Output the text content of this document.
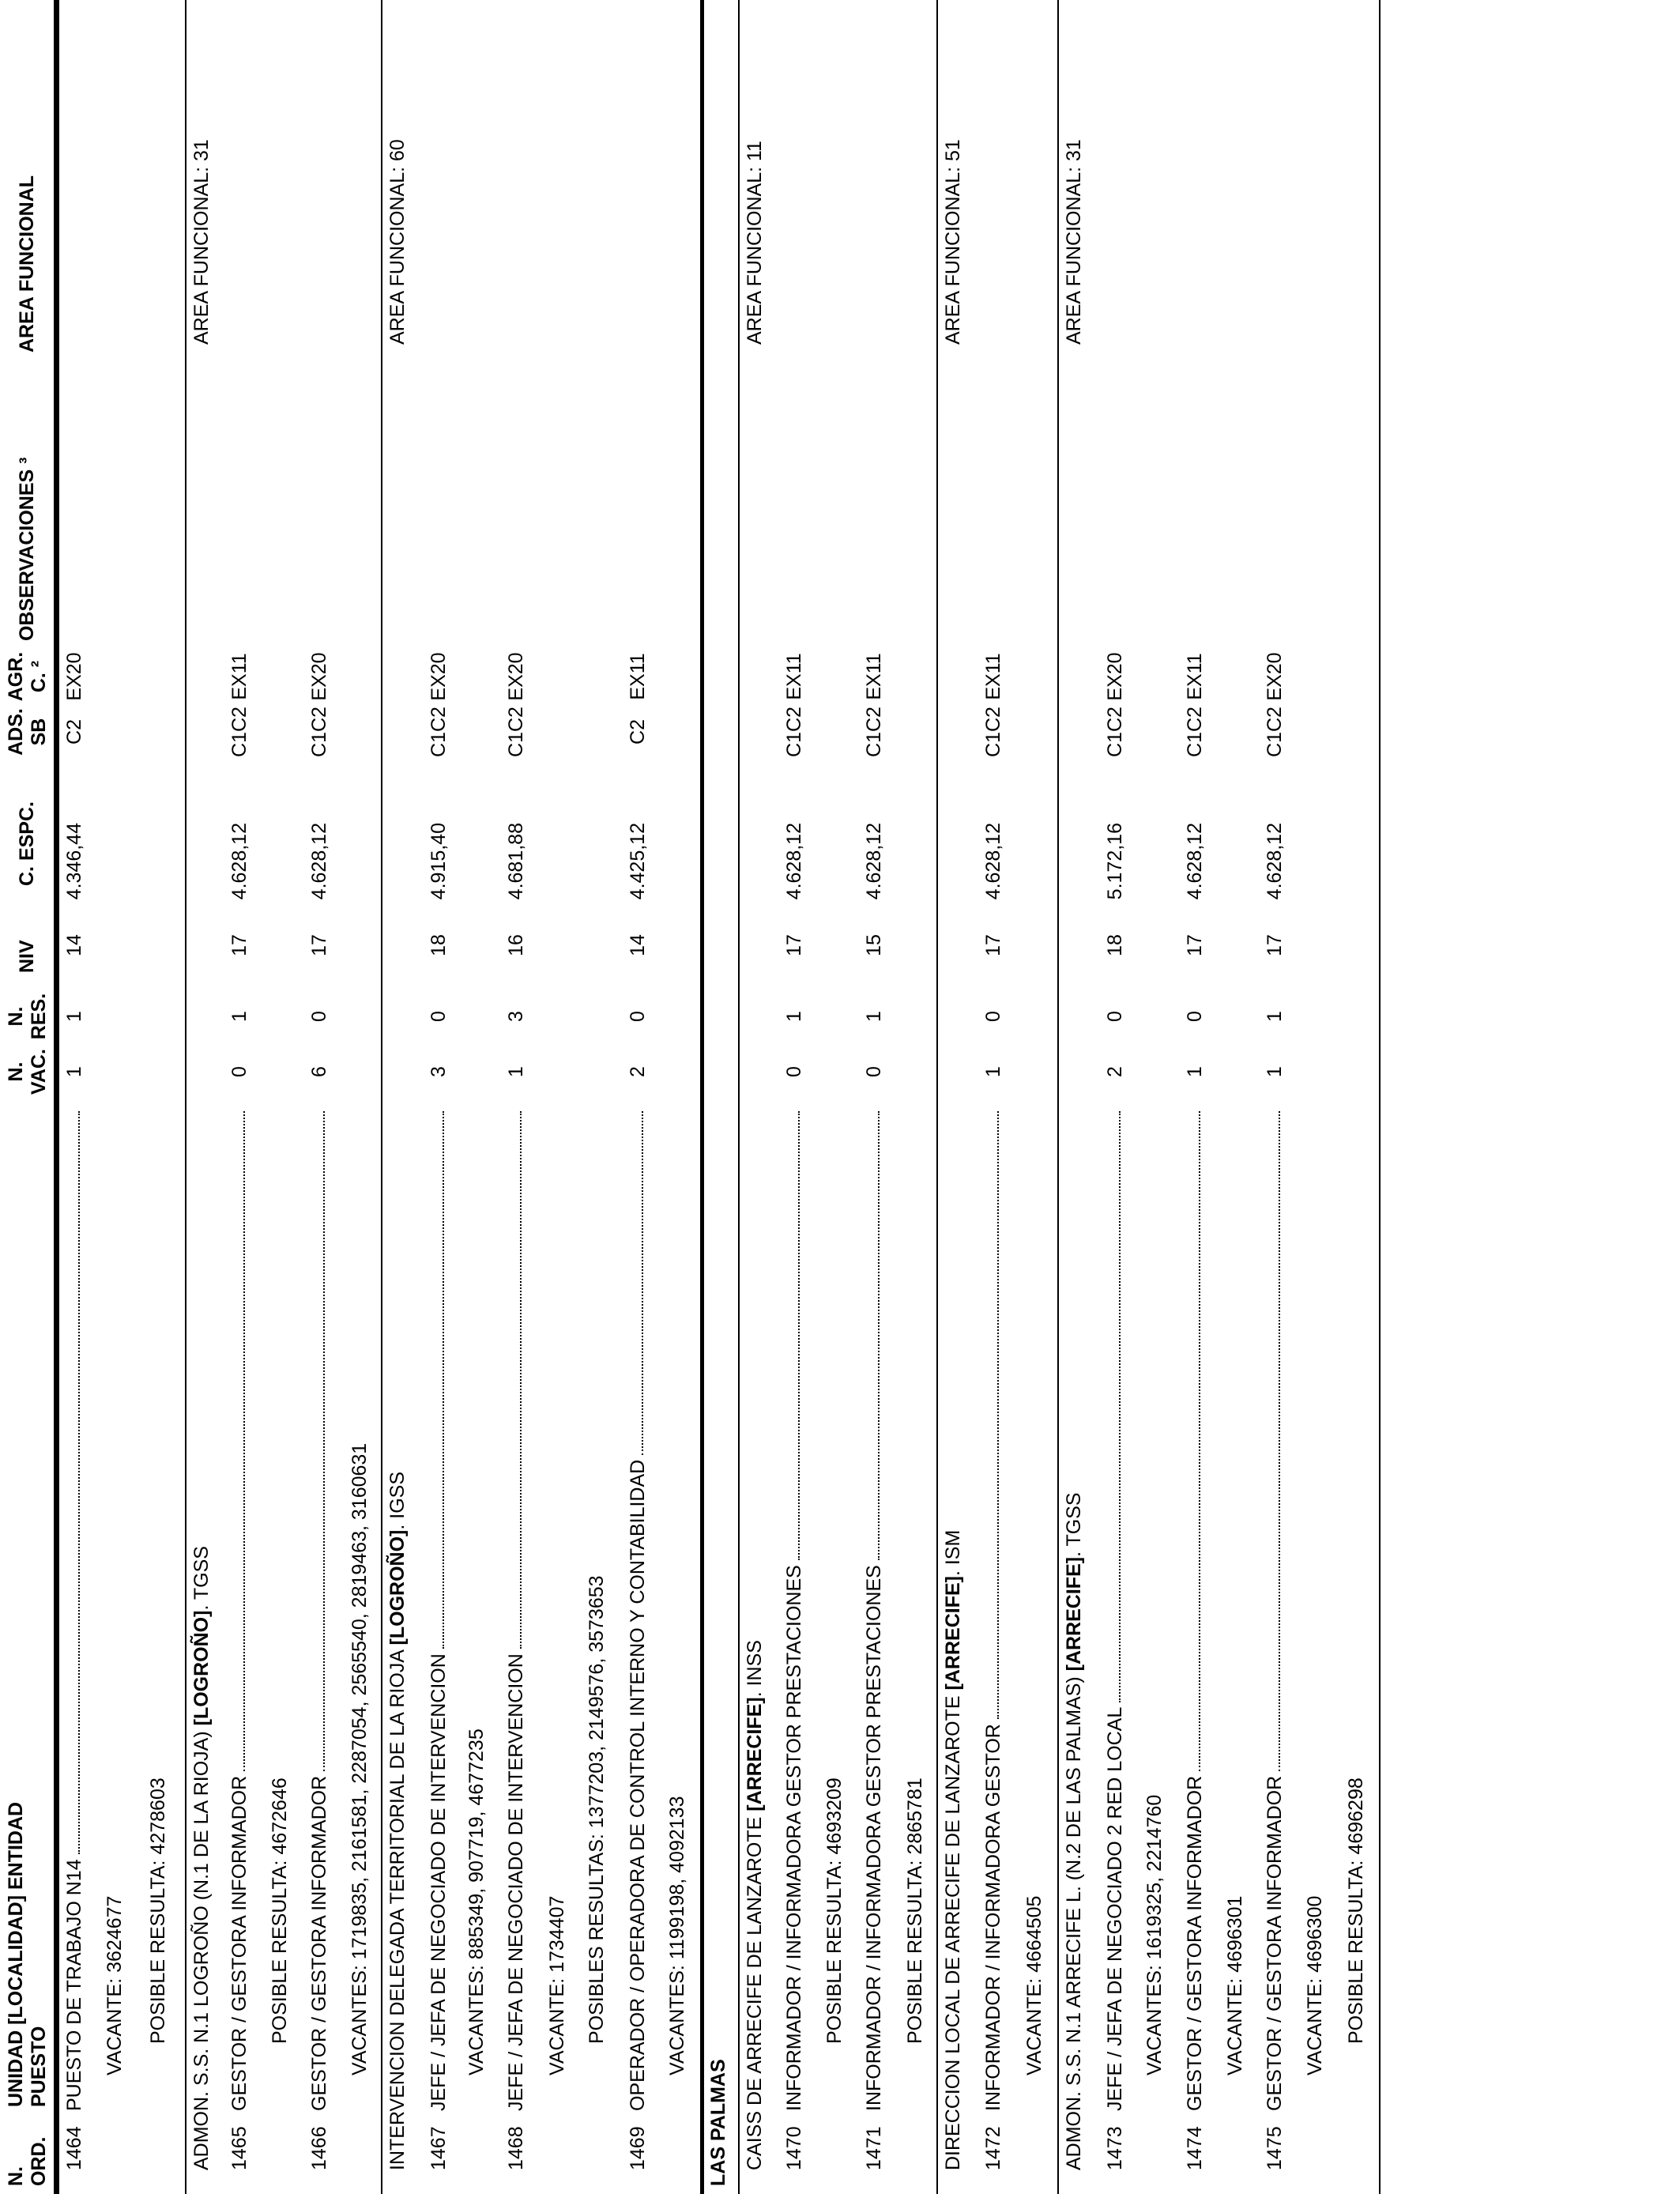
N. ORD.
UNIDAD [LOCALIDAD] ENTIDAD PUESTO
N. VAC.
N. RES.
NIV
C. ESPC.
ADS. SB
AGR. C. ²
OBSERVACIONES ³
AREA FUNCIONAL
1464
PUESTO DE TRABAJO N14
1
1
14
4.346,44
C2
EX20
VACANTE: 3624677 POSIBLE RESULTA: 4278603 ADMON. S.S. N.1 LOGROÑO (N.1 DE LA RIOJA) [LOGROÑO]. TGSS
AREA FUNCIONAL: 31
1465
GESTOR / GESTORA INFORMADOR
0
1
17
4.628,12
C1C2
EX11
POSIBLE RESULTA: 4672646
1466
GESTOR / GESTORA INFORMADOR
6
0
17
4.628,12
C1C2
EX20
VACANTES: 1719835, 2161581, 2287054, 2565540, 2819463, 3160631 INTERVENCION DELEGADA TERRITORIAL DE LA RIOJA [LOGROÑO]. IGSS
AREA FUNCIONAL: 60
1467
JEFE / JEFA DE NEGOCIADO DE INTERVENCION
3
0
18
4.915,40
C1C2
EX20
VACANTES: 885349, 907719, 4677235
1468
JEFE / JEFA DE NEGOCIADO DE INTERVENCION
1
3
16
4.681,88
C1C2
EX20
VACANTE: 1734407 POSIBLES RESULTAS: 1377203, 2149576, 3573653
1469
OPERADOR / OPERADORA DE CONTROL INTERNO Y CONTABILIDAD
2
0
14
4.425,12
C2
EX11
VACANTES: 1199198, 4092133
LAS PALMAS CAISS DE ARRECIFE DE LANZAROTE [ARRECIFE]. INSS
AREA FUNCIONAL: 11
1470
INFORMADOR / INFORMADORA GESTOR PRESTACIONES
0
1
17
4.628,12
C1C2
EX11
POSIBLE RESULTA: 4693209
1471
INFORMADOR / INFORMADORA GESTOR PRESTACIONES
0
1
15
4.628,12
C1C2
EX11
POSIBLE RESULTA: 2865781 DIRECCION LOCAL DE ARRECIFE DE LANZAROTE [ARRECIFE]. ISM
AREA FUNCIONAL: 51
1472
INFORMADOR / INFORMADORA GESTOR
1
0
17
4.628,12
C1C2
EX11
VACANTE: 4664505 ADMON. S.S. N.1 ARRECIFE L. (N.2 DE LAS PALMAS) [ARRECIFE]. TGSS
AREA FUNCIONAL: 31
1473
JEFE / JEFA DE NEGOCIADO 2 RED LOCAL
2
0
18
5.172,16
C1C2
EX20
VACANTES: 1619325, 2214760
1474
GESTOR / GESTORA INFORMADOR
1
0
17
4.628,12
C1C2
EX11
VACANTE: 4696301
1475
GESTOR / GESTORA INFORMADOR
1
1
17
4.628,12
C1C2
EX20
VACANTE: 4696300 POSIBLE RESULTA: 4696298
